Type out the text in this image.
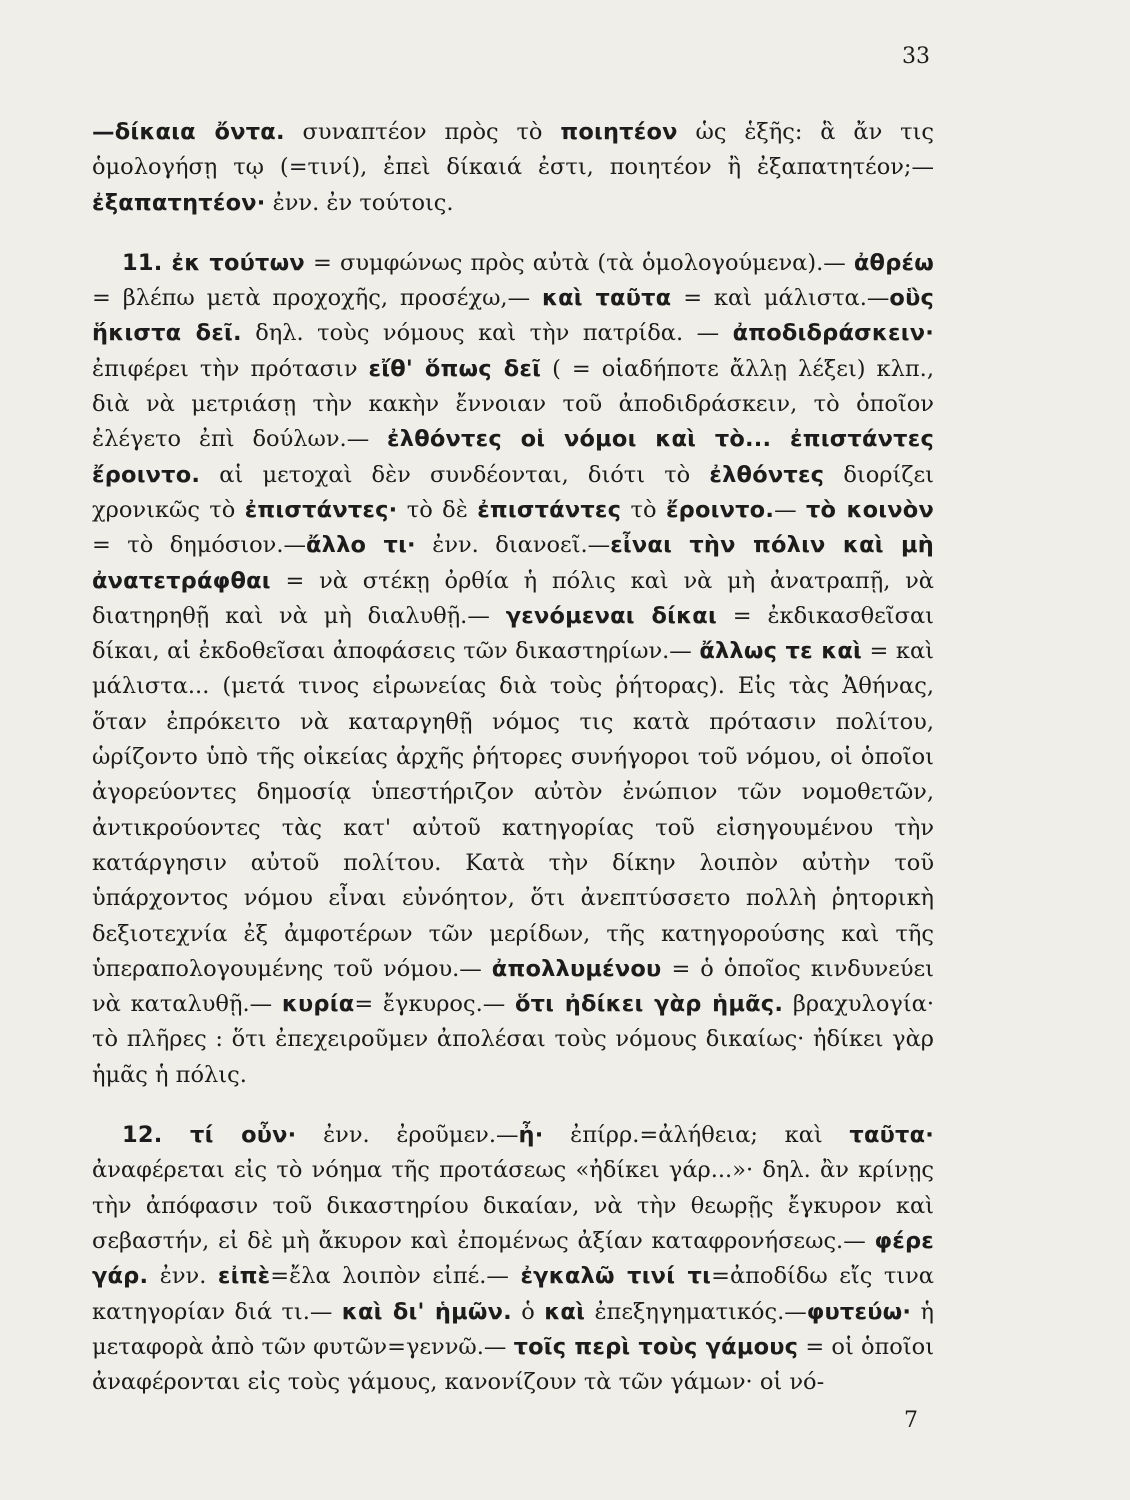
33

—δίκαια ὄντα. συναπτέον πρὸς τὸ ποιητέον ὡς ἑξῆς: ἃ ἄν τις ὁμολογήσῃ τῳ (=τινί), ἐπεὶ δίκαιά ἐστι, ποιητέον ἢ ἐξαπατητέον;— ἐξαπατητέον· ἐνν. ἐν τούτοις.

11. ἐκ τούτων = συμφώνως πρὸς αὐτὰ (τὰ ὁμολογούμενα).— ἀθρέω = βλέπω μετὰ προχοχῆς, προσέχω,— καὶ ταῦτα = καὶ μάλιστα.—οὓς ἥκιστα δεῖ. δηλ. τοὺς νόμους καὶ τὴν πατρίδα. — ἀποδιδράσκειν· ἐπιφέρει τὴν πρότασιν εἴθ' ὅπως δεῖ ( = οἱαδήποτε ἄλλῃ λέξει) κλπ., διὰ νὰ μετριάσῃ τὴν κακὴν ἔννοιαν τοῦ ἀποδιδράσκειν, τὸ ὁποῖον ἐλέγετο ἐπὶ δούλων.— ἐλθόντες οἱ νόμοι καὶ τὸ... ἐπιστάντες ἔροιντο. αἱ μετοχαὶ δὲν συνδέονται, διότι τὸ ἐλθόντες διορίζει χρονικῶς τὸ ἐπιστάντες· τὸ δὲ ἐπιστάντες τὸ ἔροιντο.— τὸ κοινὸν = τὸ δημόσιον.—ἄλλο τι· ἐνν. διανοεῖ.—εἶναι τὴν πόλιν καὶ μὴ ἀνατετράφθαι = νὰ στέκῃ ὀρθία ἡ πόλις καὶ νὰ μὴ ἀνατραπῇ, νὰ διατηρηθῇ καὶ νὰ μὴ διαλυθῇ.— γενόμεναι δίκαι = ἐκδικασθεῖσαι δίκαι, αἱ ἐκδοθεῖσαι ἀποφάσεις τῶν δικαστηρίων.— ἄλλως τε καὶ = καὶ μάλιστα... (μετά τινος εἰρωνείας διὰ τοὺς ῥήτορας). Εἰς τὰς Ἀθήνας, ὅταν ἐπρόκειτο νὰ καταργηθῇ νόμος τις κατὰ πρότασιν πολίτου, ὡρίζοντο ὑπὸ τῆς οἰκείας ἀρχῆς ῥήτορες συνήγοροι τοῦ νόμου, οἱ ὁποῖοι ἀγορεύοντες δημοσίᾳ ὑπεστήριζον αὐτὸν ἐνώπιον τῶν νομοθετῶν, ἀντικρούοντες τὰς κατ' αὐτοῦ κατηγορίας τοῦ εἰσηγουμένου τὴν κατάργησιν αὐτοῦ πολίτου. Κατὰ τὴν δίκην λοιπὸν αὐτὴν τοῦ ὑπάρχοντος νόμου εἶναι εὐνόητον, ὅτι ἀνεπτύσσετο πολλὴ ῥητορικὴ δεξιοτεχνία ἐξ ἀμφοτέρων τῶν μερίδων, τῆς κατηγορούσης καὶ τῆς ὑπεραπολογουμένης τοῦ νόμου.— ἀπολλυμένου = ὁ ὁποῖος κινδυνεύει νὰ καταλυθῇ.— κυρία= ἔγκυρος.— ὅτι ἠδίκει γὰρ ἡμᾶς. βραχυλογία· τὸ πλῆρες : ὅτι ἐπεχειροῦμεν ἀπολέσαι τοὺς νόμους δικαίως· ἠδίκει γὰρ ἡμᾶς ἡ πόλις.

12. τί οὖν· ἐνν. ἐροῦμεν.—ἦ· ἐπίρρ.=ἀλήθεια; καὶ ταῦτα· ἀναφέρεται εἰς τὸ νόημα τῆς προτάσεως «ἠδίκει γάρ...»· δηλ. ἂν κρίνῃς τὴν ἀπόφασιν τοῦ δικαστηρίου δικαίαν, νὰ τὴν θεωρῇς ἔγκυρον καὶ σεβαστήν, εἰ δὲ μὴ ἄκυρον καὶ ἐπομένως ἀξίαν καταφρονήσεως.— φέρε γάρ. ἐνν. εἰπὲ=ἔλα λοιπὸν εἰπέ.— ἐγκαλῶ τινί τι=ἀποδίδω εἴς τινα κατηγορίαν διά τι.— καὶ δι' ἡμῶν. ὁ καὶ ἐπεξηγηματικός.—φυτεύω· ἡ μεταφορὰ ἀπὸ τῶν φυτῶν=γεννῶ.— τοῖς περὶ τοὺς γάμους = οἱ ὁποῖοι ἀναφέρονται εἰς τοὺς γάμους, κανονίζουν τὰ τῶν γάμων· οἱ νό-

7
